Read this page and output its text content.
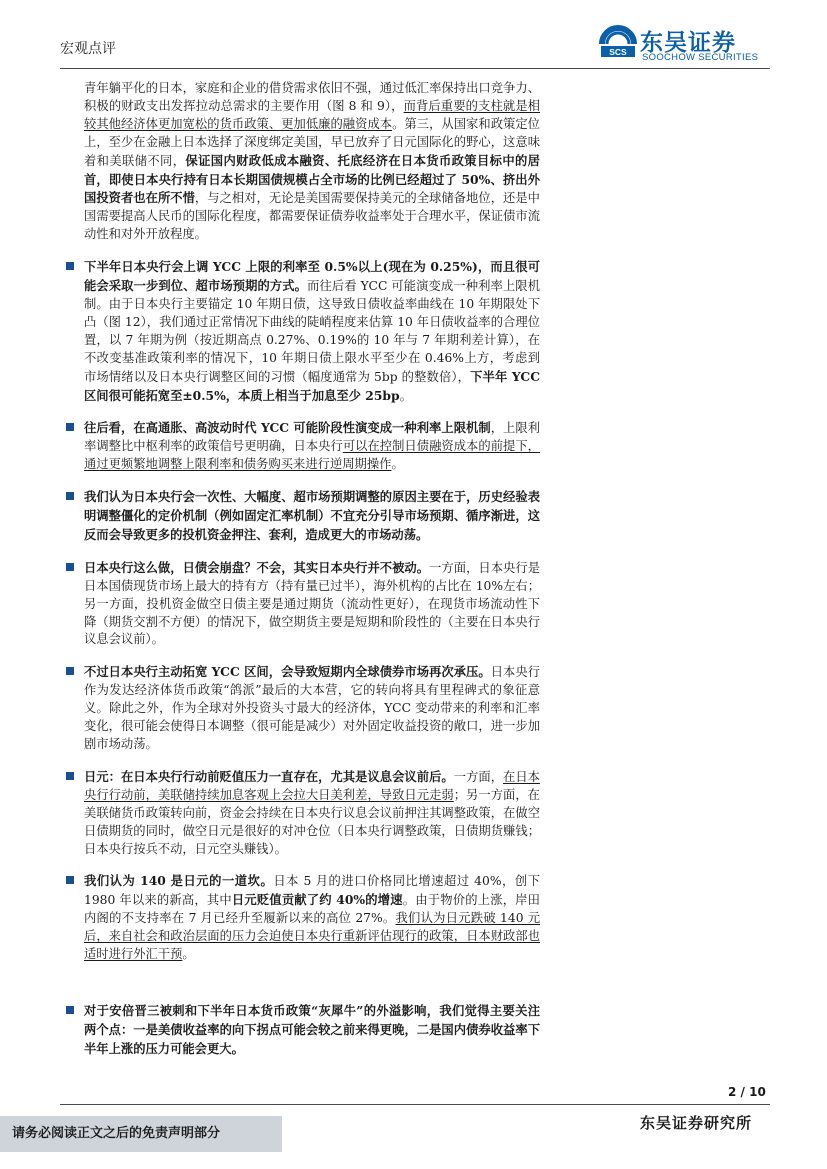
宏观点评	SCS 东吴证券
SOOCHOW SECURITIES

青年躺平化的日本，家庭和企业的借贷需求依旧不强，通过低汇率保持出口竞争力、积极的财政支出发挥拉动总需求的主要作用（图 8 和 9），而背后重要的支柱就是相较其他经济体更加宽松的货币政策、更加低廉的融资成本。第三，从国家和政策定位上，至少在金融上日本选择了深度绑定美国，早已放弃了日元国际化的野心，这意味着和美联储不同，保证国内财政低成本融资、托底经济在日本货币政策目标中的居首，即使日本央行持有日本长期国债规模占全市场的比例已经超过了 50%、挤出外国投资者也在所不惜，与之相对，无论是美国需要保持美元的全球储备地位，还是中国需要提高人民币的国际化程度，都需要保证债券收益率处于合理水平，保证债市流动性和对外开放程度。

下半年日本央行会上调 YCC 上限的利率至 0.5%以上(现在为 0.25%)，而且很可能会采取一步到位、超市场预期的方式。而往后看 YCC 可能演变成一种利率上限机制。由于日本央行主要锚定 10 年期日债，这导致日债收益率曲线在 10 年期限处下凸（图 12），我们通过正常情况下曲线的陡峭程度来估算 10 年日债收益率的合理位置，以 7 年期为例（按近期高点 0.27%、0.19%的 10 年与 7 年期利差计算），在不改变基准政策利率的情况下，10 年期日债上限水平至少在 0.46%上方，考虑到市场情绪以及日本央行调整区间的习惯（幅度通常为 5bp 的整数倍），下半年 YCC 区间很可能拓宽至±0.5%，本质上相当于加息至少 25bp。
往后看，在高通胀、高波动时代 YCC 可能阶段性演变成一种利率上限机制，上限利率调整比中枢利率的政策信号更明确，日本央行可以在控制日债融资成本的前提下，通过更频繁地调整上限利率和债务购买来进行逆周期操作。
我们认为日本央行会一次性、大幅度、超市场预期调整的原因主要在于，历史经验表明调整僵化的定价机制（例如固定汇率机制）不宜充分引导市场预期、循序渐进，这反而会导致更多的投机资金押注、套利，造成更大的市场动荡。
日本央行这么做，日债会崩盘？不会，其实日本央行并不被动。一方面，日本央行是日本国债现货市场上最大的持有方（持有量已过半），海外机构的占比在 10%左右；另一方面，投机资金做空日债主要是通过期货（流动性更好），在现货市场流动性下降（期货交割不方便）的情况下，做空期货主要是短期和阶段性的（主要在日本央行议息会议前）。
不过日本央行主动拓宽 YCC 区间，会导致短期内全球债券市场再次承压。日本央行作为发达经济体货币政策“鸽派”最后的大本营，它的转向将具有里程碑式的象征意义。除此之外，作为全球对外投资头寸最大的经济体，YCC 变动带来的利率和汇率变化，很可能会使得日本调整（很可能是减少）对外固定收益投资的敞口，进一步加剧市场动荡。
日元：在日本央行行动前贬值压力一直存在，尤其是议息会议前后。一方面，在日本央行行动前，美联储持续加息客观上会拉大日美利差，导致日元走弱；另一方面，在美联储货币政策转向前，资金会持续在日本央行议息会议前押注其调整政策，在做空日债期货的同时，做空日元是很好的对冲仓位（日本央行调整政策，日债期货赚钱；日本央行按兵不动，日元空头赚钱）。
我们认为 140 是日元的一道坎。日本 5 月的进口价格同比增速超过 40%，创下 1980 年以来的新高，其中日元贬值贡献了约 40%的增速。由于物价的上涨，岸田内阁的不支持率在 7 月已经升至履新以来的高位 27%。我们认为日元跌破 140 元后，来自社会和政治层面的压力会迫使日本央行重新评估现行的政策，日本财政部也适时进行外汇干预。
对于安倍晋三被刺和下半年日本货币政策“灰犀牛”的外溢影响，我们觉得主要关注两个点：一是美债收益率的向下拐点可能会较之前来得更晚，二是国内债券收益率下半年上涨的压力可能会更大。
2 / 10
请务必阅读正文之后的免责声明部分
东吴证券研究所
